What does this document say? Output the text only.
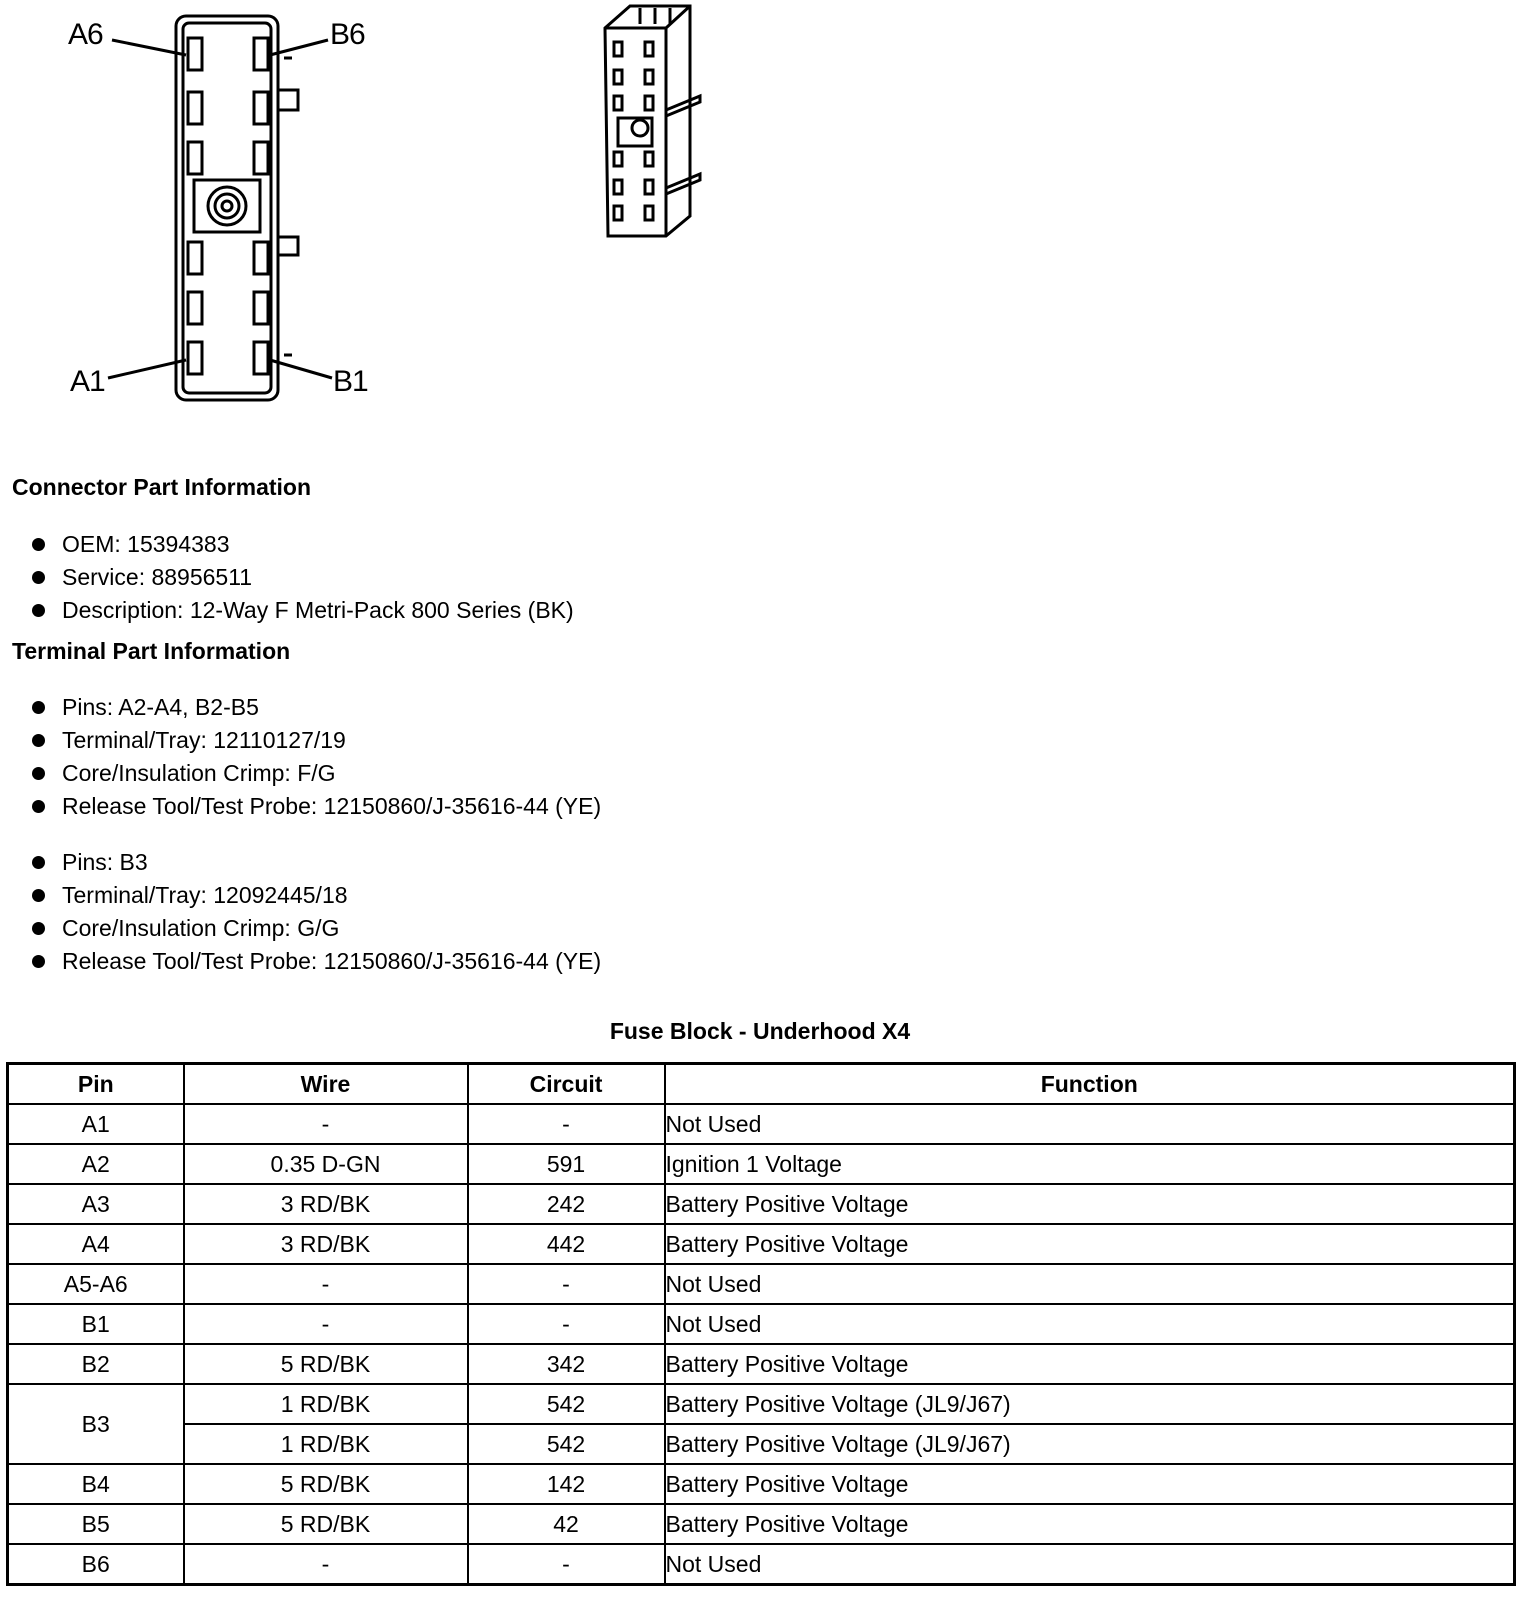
A6	B6
A1	B1
Connector Part Information
OEM: 15394383
Service: 88956511
Description: 12-Way F Metri-Pack 800 Series (BK)
Terminal Part Information
Pins: A2-A4, B2-B5
Terminal/Tray: 12110127/19
Core/Insulation Crimp: F/G
Release Tool/Test Probe: 12150860/J-35616-44 (YE)
Pins: B3
Terminal/Tray: 12092445/18
Core/Insulation Crimp: G/G
Release Tool/Test Probe: 12150860/J-35616-44 (YE)
Fuse Block - Underhood X4
Pin	Wire	Circuit	Function
A1	-	-	Not Used
A2	0.35 D-GN	591	Ignition 1 Voltage
A3	3 RD/BK	242	Battery Positive Voltage
A4	3 RD/BK	442	Battery Positive Voltage
A5-A6	-	-	Not Used
B1	-	-	Not Used
B2	5 RD/BK	342	Battery Positive Voltage
B3	1 RD/BK	542	Battery Positive Voltage (JL9/J67)
	1 RD/BK	542	Battery Positive Voltage (JL9/J67)
B4	5 RD/BK	142	Battery Positive Voltage
B5	5 RD/BK	42	Battery Positive Voltage
B6	-	-	Not Used
